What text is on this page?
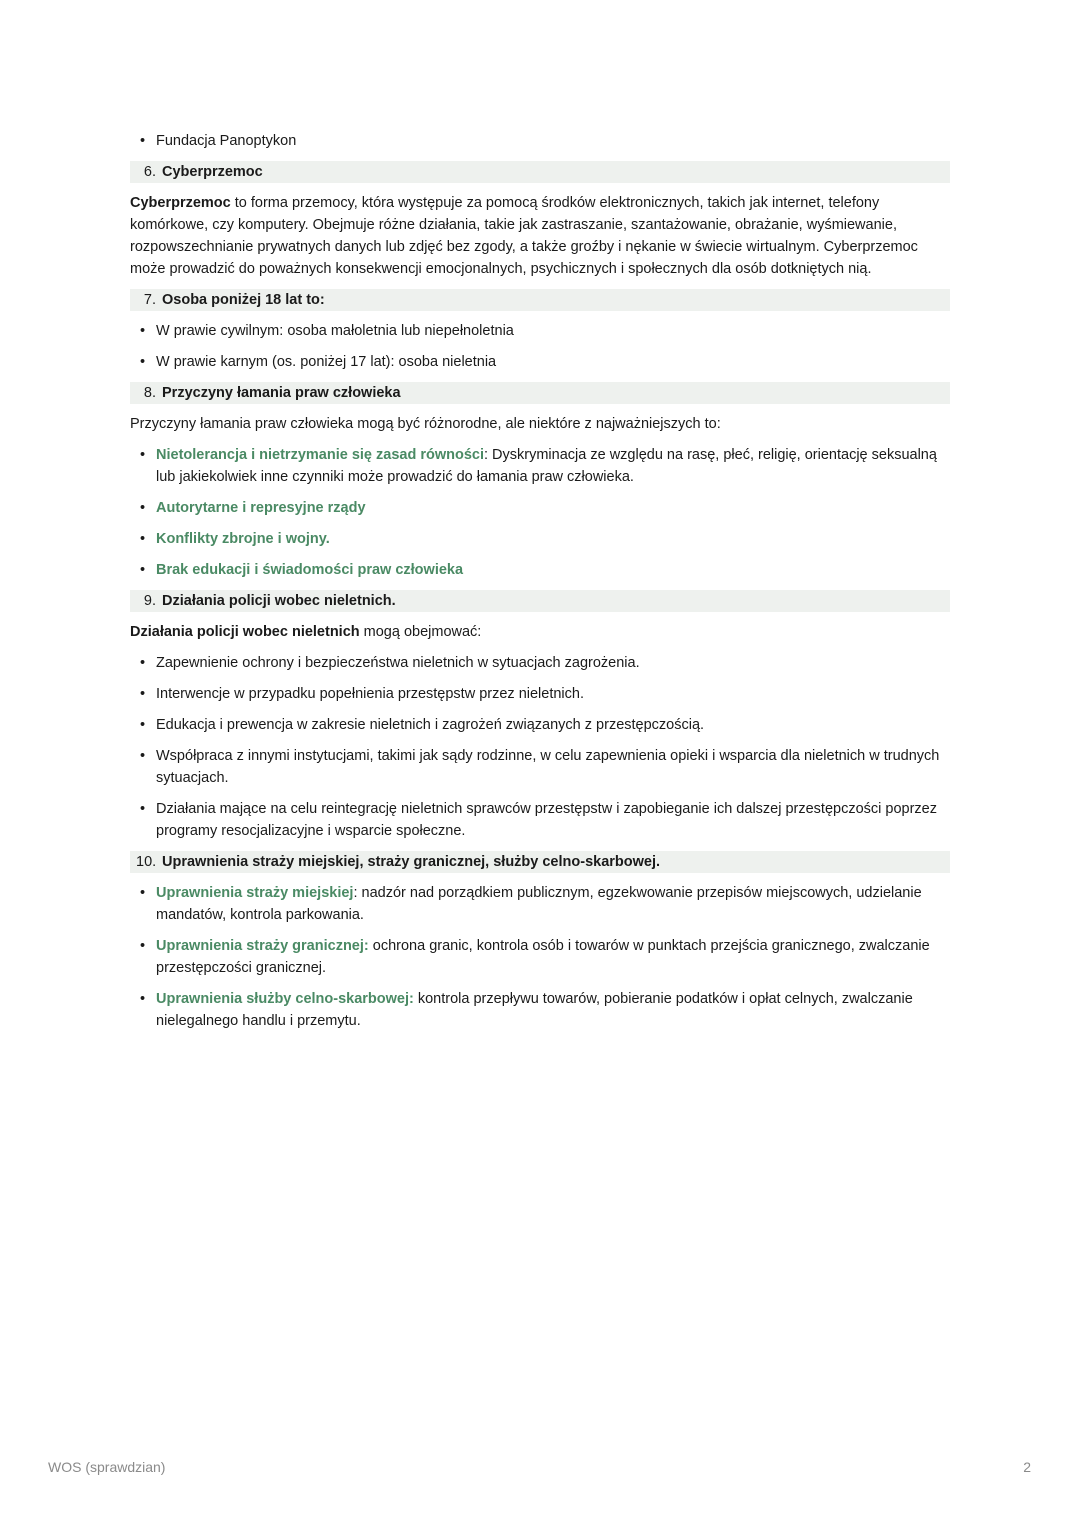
• Fundacja Panoptykon
6. Cyberprzemoc
Cyberprzemoc to forma przemocy, która występuje za pomocą środków elektronicznych, takich jak internet, telefony komórkowe, czy komputery. Obejmuje różne działania, takie jak zastraszanie, szantażowanie, obrażanie, wyśmiewanie, rozpowszechnianie prywatnych danych lub zdjęć bez zgody, a także groźby i nękanie w świecie wirtualnym. Cyberprzemoc może prowadzić do poważnych konsekwencji emocjonalnych, psychicznych i społecznych dla osób dotkniętych nią.
7. Osoba poniżej 18 lat to:
• W prawie cywilnym: osoba małoletnia lub niepełnoletnia
• W prawie karnym (os. poniżej 17 lat): osoba nieletnia
8. Przyczyny łamania praw człowieka
Przyczyny łamania praw człowieka mogą być różnorodne, ale niektóre z najważniejszych to:
• Nietolerancja i nietrzymanie się zasad równości: Dyskryminacja ze względu na rasę, płeć, religię, orientację seksualną lub jakiekolwiek inne czynniki może prowadzić do łamania praw człowieka.
• Autorytarne i represyjne rządy
• Konflikty zbrojne i wojny.
• Brak edukacji i świadomości praw człowieka
9. Działania policji wobec nieletnich.
Działania policji wobec nieletnich mogą obejmować:
• Zapewnienie ochrony i bezpieczeństwa nieletnich w sytuacjach zagrożenia.
• Interwencje w przypadku popełnienia przestępstw przez nieletnich.
• Edukacja i prewencja w zakresie nieletnich i zagrożeń związanych z przestępczością.
• Współpraca z innymi instytucjami, takimi jak sądy rodzinne, w celu zapewnienia opieki i wsparcia dla nieletnich w trudnych sytuacjach.
• Działania mające na celu reintegrację nieletnich sprawców przestępstw i zapobieganie ich dalszej przestępczości poprzez programy resocjalizacyjne i wsparcie społeczne.
10. Uprawnienia straży miejskiej, straży granicznej, służby celno-skarbowej.
• Uprawnienia straży miejskiej: nadzór nad porządkiem publicznym, egzekwowanie przepisów miejscowych, udzielanie mandatów, kontrola parkowania.
• Uprawnienia straży granicznej: ochrona granic, kontrola osób i towarów w punktach przejścia granicznego, zwalczanie przestępczości granicznej.
• Uprawnienia służby celno-skarbowej: kontrola przepływu towarów, pobieranie podatków i opłat celnych, zwalczanie nielegalnego handlu i przemytu.
WOS (sprawdzian)	2
